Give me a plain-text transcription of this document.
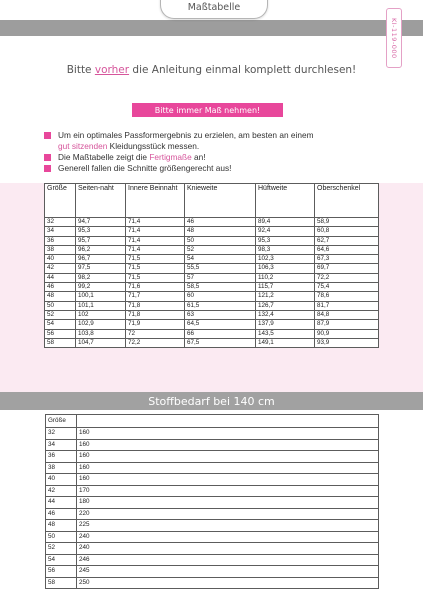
Maßtabelle
KI-119-000
Bitte vorher die Anleitung einmal komplett durchlesen!
Bitte immer Maß nehmen!
Um ein optimales Passformergebnis zu erzielen, am besten an einem
gut sitzenden Kleidungsstück messen.
Die Maßtabelle zeigt die Fertigmaße an!
Generell fallen die Schnitte größengerecht aus!
Größe	Seiten-naht	Innere Beinnaht	Knieweite	Hüftweite	Oberschenkel
32	94,7	71,4	46	89,4	58,9
34	95,3	71,4	48	92,4	60,8
36	95,7	71,4	50	95,3	62,7
38	96,2	71,4	52	98,3	64,6
40	96,7	71,5	54	102,3	67,3
42	97,5	71,5	55,5	106,3	69,7
44	98,2	71,5	57	110,2	72,2
46	99,2	71,6	58,5	115,7	75,4
48	100,1	71,7	60	121,2	78,6
50	101,1	71,8	61,5	126,7	81,7
52	102	71,8	63	132,4	84,8
54	102,9	71,9	64,5	137,9	87,9
56	103,8	72	66	143,5	90,9
58	104,7	72,2	67,5	149,1	93,9
Stoffbedarf bei 140 cm
Größe	
32	160
34	160
36	160
38	160
40	160
42	170
44	180
46	220
48	225
50	240
52	240
54	246
56	245
58	250
